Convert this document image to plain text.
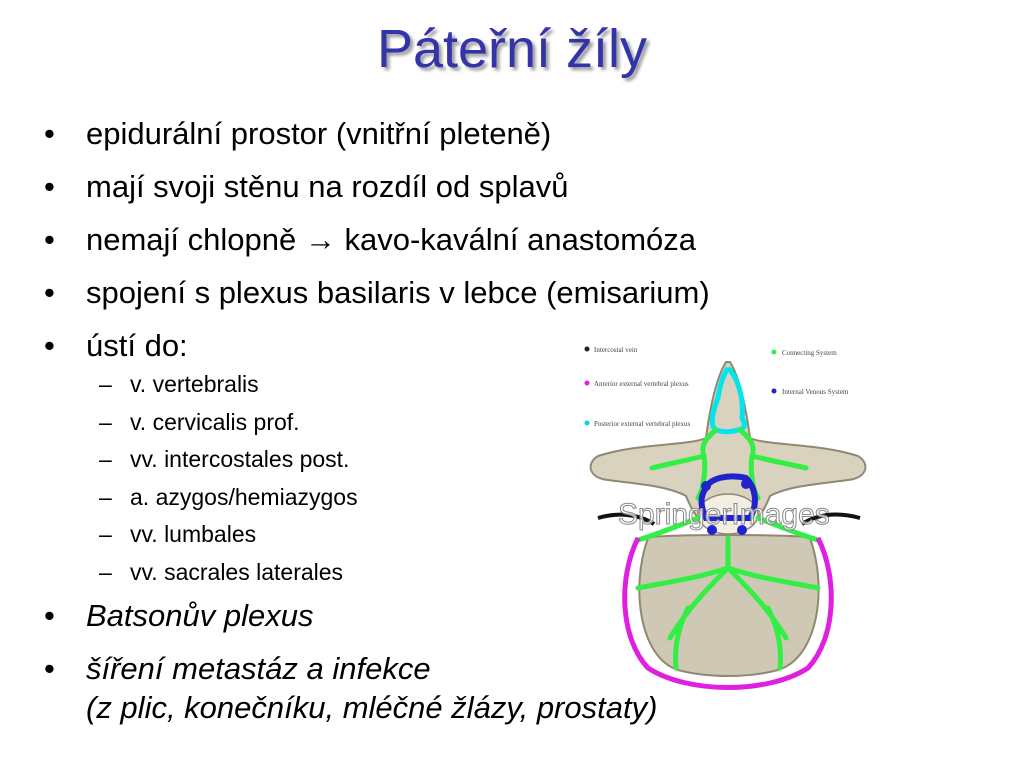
Páteřní žíly
• epidurální prostor (vnitřní pleteně)
• mají svoji stěnu na rozdíl od splavů
• nemají chlopně → kavo-kavální anastomóza
• spojení s plexus basilaris v lebce (emisarium)
• ústí do:
– v. vertebralis
– v. cervicalis prof.
– vv. intercostales post.
– a. azygos/hemiazygos
– vv. lumbales
– vv. sacrales laterales
• Batsonův plexus
• šíření metastáz a infekce
(z plic, konečníku, mléčné žlázy, prostaty)
Intercostal vein
Anterior external vertebral plexus
Posterior external vertebral plexus
Connecting System
Internal Venous System
SpringerImages
